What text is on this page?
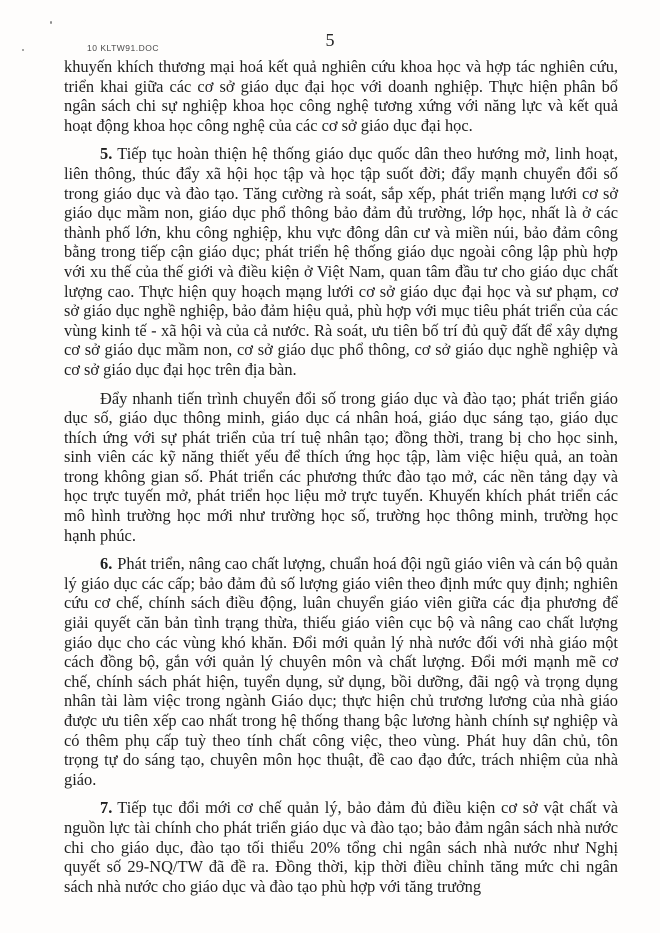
10 KLTW91.DOC	5

khuyến khích thương mại hoá kết quả nghiên cứu khoa học và hợp tác nghiên cứu, triển khai giữa các cơ sở giáo dục đại học với doanh nghiệp. Thực hiện phân bổ ngân sách chi sự nghiệp khoa học công nghệ tương xứng với năng lực và kết quả hoạt động khoa học công nghệ của các cơ sở giáo dục đại học.

5. Tiếp tục hoàn thiện hệ thống giáo dục quốc dân theo hướng mở, linh hoạt, liên thông, thúc đẩy xã hội học tập và học tập suốt đời; đẩy mạnh chuyển đổi số trong giáo dục và đào tạo. Tăng cường rà soát, sắp xếp, phát triển mạng lưới cơ sở giáo dục mầm non, giáo dục phổ thông bảo đảm đủ trường, lớp học, nhất là ở các thành phố lớn, khu công nghiệp, khu vực đông dân cư và miền núi, bảo đảm công bằng trong tiếp cận giáo dục; phát triển hệ thống giáo dục ngoài công lập phù hợp với xu thế của thế giới và điều kiện ở Việt Nam, quan tâm đầu tư cho giáo dục chất lượng cao. Thực hiện quy hoạch mạng lưới cơ sở giáo dục đại học và sư phạm, cơ sở giáo dục nghề nghiệp, bảo đảm hiệu quả, phù hợp với mục tiêu phát triển của các vùng kinh tế - xã hội và của cả nước. Rà soát, ưu tiên bố trí đủ quỹ đất để xây dựng cơ sở giáo dục mầm non, cơ sở giáo dục phổ thông, cơ sở giáo dục nghề nghiệp và cơ sở giáo dục đại học trên địa bàn.

Đẩy nhanh tiến trình chuyển đổi số trong giáo dục và đào tạo; phát triển giáo dục số, giáo dục thông minh, giáo dục cá nhân hoá, giáo dục sáng tạo, giáo dục thích ứng với sự phát triển của trí tuệ nhân tạo; đồng thời, trang bị cho học sinh, sinh viên các kỹ năng thiết yếu để thích ứng học tập, làm việc hiệu quả, an toàn trong không gian số. Phát triển các phương thức đào tạo mở, các nền tảng dạy và học trực tuyến mở, phát triển học liệu mở trực tuyến. Khuyến khích phát triển các mô hình trường học mới như trường học số, trường học thông minh, trường học hạnh phúc.

6. Phát triển, nâng cao chất lượng, chuẩn hoá đội ngũ giáo viên và cán bộ quản lý giáo dục các cấp; bảo đảm đủ số lượng giáo viên theo định mức quy định; nghiên cứu cơ chế, chính sách điều động, luân chuyển giáo viên giữa các địa phương để giải quyết căn bản tình trạng thừa, thiếu giáo viên cục bộ và nâng cao chất lượng giáo dục cho các vùng khó khăn. Đổi mới quản lý nhà nước đối với nhà giáo một cách đồng bộ, gắn với quản lý chuyên môn và chất lượng. Đổi mới mạnh mẽ cơ chế, chính sách phát hiện, tuyển dụng, sử dụng, bồi dưỡng, đãi ngộ và trọng dụng nhân tài làm việc trong ngành Giáo dục; thực hiện chủ trương lương của nhà giáo được ưu tiên xếp cao nhất trong hệ thống thang bậc lương hành chính sự nghiệp và có thêm phụ cấp tuỳ theo tính chất công việc, theo vùng. Phát huy dân chủ, tôn trọng tự do sáng tạo, chuyên môn học thuật, đề cao đạo đức, trách nhiệm của nhà giáo.

7. Tiếp tục đổi mới cơ chế quản lý, bảo đảm đủ điều kiện cơ sở vật chất và nguồn lực tài chính cho phát triển giáo dục và đào tạo; bảo đảm ngân sách nhà nước chi cho giáo dục, đào tạo tối thiểu 20% tổng chi ngân sách nhà nước như Nghị quyết số 29-NQ/TW đã đề ra. Đồng thời, kịp thời điều chỉnh tăng mức chi ngân sách nhà nước cho giáo dục và đào tạo phù hợp với tăng trưởng
